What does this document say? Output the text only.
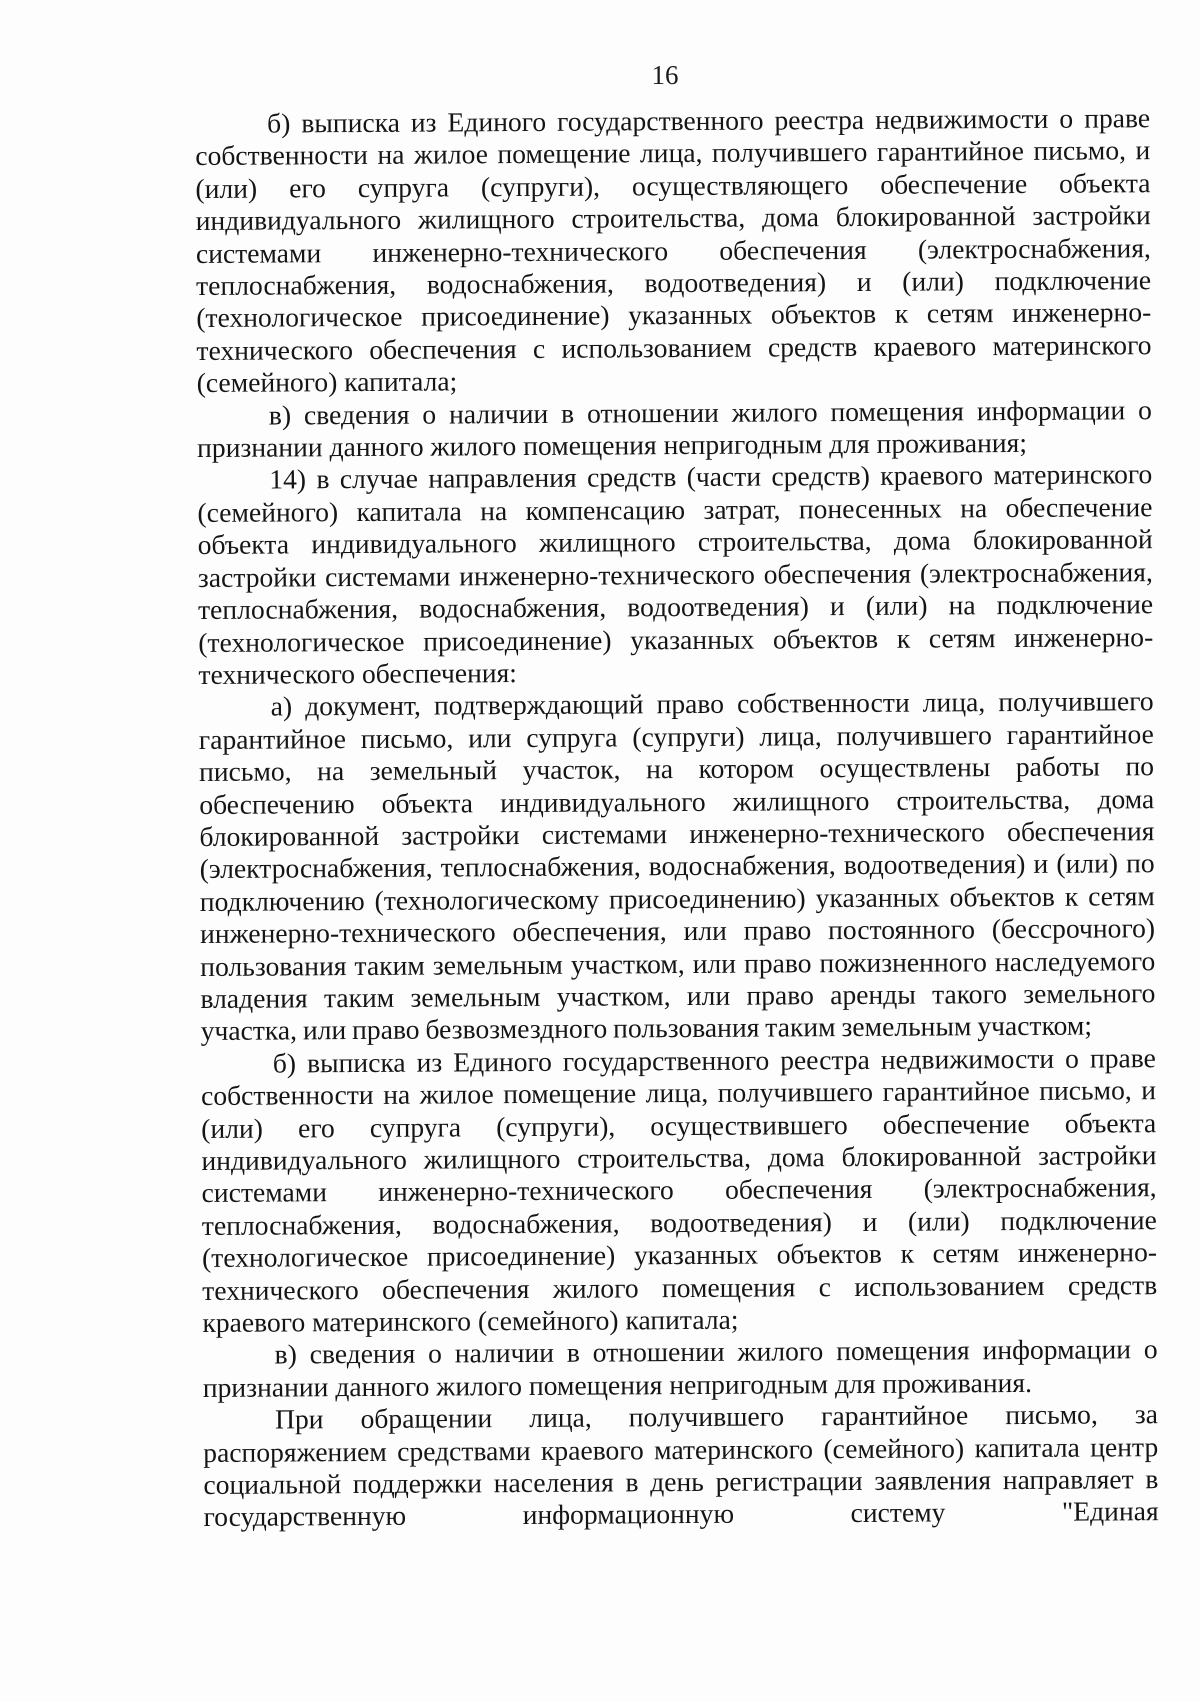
16

б) выписка из Единого государственного реестра недвижимости о праве собственности на жилое помещение лица, получившего гарантийное письмо, и (или) его супруга (супруги), осуществляющего обеспечение объекта индивидуального жилищного строительства, дома блокированной застройки системами инженерно-технического обеспечения (электроснабжения, теплоснабжения, водоснабжения, водоотведения) и (или) подключение (технологическое присоединение) указанных объектов к сетям инженерно-технического обеспечения с использованием средств краевого материнского (семейного) капитала;

в) сведения о наличии в отношении жилого помещения информации о признании данного жилого помещения непригодным для проживания;

14) в случае направления средств (части средств) краевого материнского (семейного) капитала на компенсацию затрат, понесенных на обеспечение объекта индивидуального жилищного строительства, дома блокированной застройки системами инженерно-технического обеспечения (электроснабжения, теплоснабжения, водоснабжения, водоотведения) и (или) на подключение (технологическое присоединение) указанных объектов к сетям инженерно-технического обеспечения:

а) документ, подтверждающий право собственности лица, получившего гарантийное письмо, или супруга (супруги) лица, получившего гарантийное письмо, на земельный участок, на котором осуществлены работы по обеспечению объекта индивидуального жилищного строительства, дома блокированной застройки системами инженерно-технического обеспечения (электроснабжения, теплоснабжения, водоснабжения, водоотведения) и (или) по подключению (технологическому присоединению) указанных объектов к сетям инженерно-технического обеспечения, или право постоянного (бессрочного) пользования таким земельным участком, или право пожизненного наследуемого владения таким земельным участком, или право аренды такого земельного участка, или право безвозмездного пользования таким земельным участком;

б) выписка из Единого государственного реестра недвижимости о праве собственности на жилое помещение лица, получившего гарантийное письмо, и (или) его супруга (супруги), осуществившего обеспечение объекта индивидуального жилищного строительства, дома блокированной застройки системами инженерно-технического обеспечения (электроснабжения, теплоснабжения, водоснабжения, водоотведения) и (или) подключение (технологическое присоединение) указанных объектов к сетям инженерно-технического обеспечения жилого помещения с использованием средств краевого материнского (семейного) капитала;

в) сведения о наличии в отношении жилого помещения информации о признании данного жилого помещения непригодным для проживания.

При обращении лица, получившего гарантийное письмо, за распоряжением средствами краевого материнского (семейного) капитала центр социальной поддержки населения в день регистрации заявления направляет в государственную информационную систему "Единая
